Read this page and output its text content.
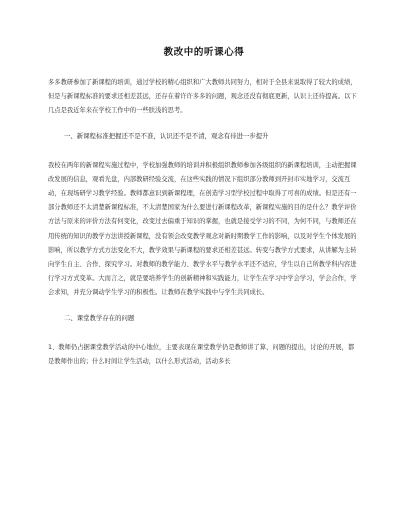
教改中的听课心得

多多教研参加了新课程的培训，通过学校的精心组织和广大教师共同努力，相对于全县来说取得了较大的成绩，但是与新课程标准的要求还相差甚远，还存在着许许多多的问题，观念还没有彻底更新，认识上还待提高。以下几点是我近年来在学校工作中的一些肤浅的思考。

一、新课程标准把握还不是不准，认识还不是不清，观念有待进一步提升

我校在两年的新课程实施过程中，学校加强教师的培训并积极组织教师参加各级组织的新课程培训，主动把握课改发展的信息，观看光盘，内部教研经验交流，在这些实践的情况下组织部分教师到开封市实地学习，交流互动，在现场研学习教学经验。教师都意识到新课程理，在创造学习型学校过程中取得了可喜的成绩。但是还有一部分教师还不太清楚新课程标准，不太清楚国家为什么要进行新课程改革，新课程实施的目的是什么？教学评价方法与原来的评价方法有何变化，改变过去偏重于知识的掌握，也就是接受学习的不同，为何不同，与教师还在用传统的知识的教学方法讲授新课程，没有领会改变教学观念对新时期教学工作的影响，以及对学生个体发展的影响，所以教学方式方法变化不大，教学效果与新课程的要求还相差甚远。转变与教学方式要求，从讲解为主转向学生自主、合作、探究学习。对教师的教学能力、教学水平与教学水平还不适应，学生以自己所教学科内容进行学习方式变革。大而言之，就是要培养学生的创新精神和实践能力，让学生在学习中学会学习，学会合作，学会求知，并充分调动学生学习的积极性。让教师在教学实践中与学生共同成长。

二、课堂教学存在的问题

1、教师仍占据课堂教学活动的中心地位，主要表现在课堂教学仍是教师讲了算，问题的提出，讨论的开展，都是教师作出的；什么时间让学生活动，以什么形式活动，活动多长
